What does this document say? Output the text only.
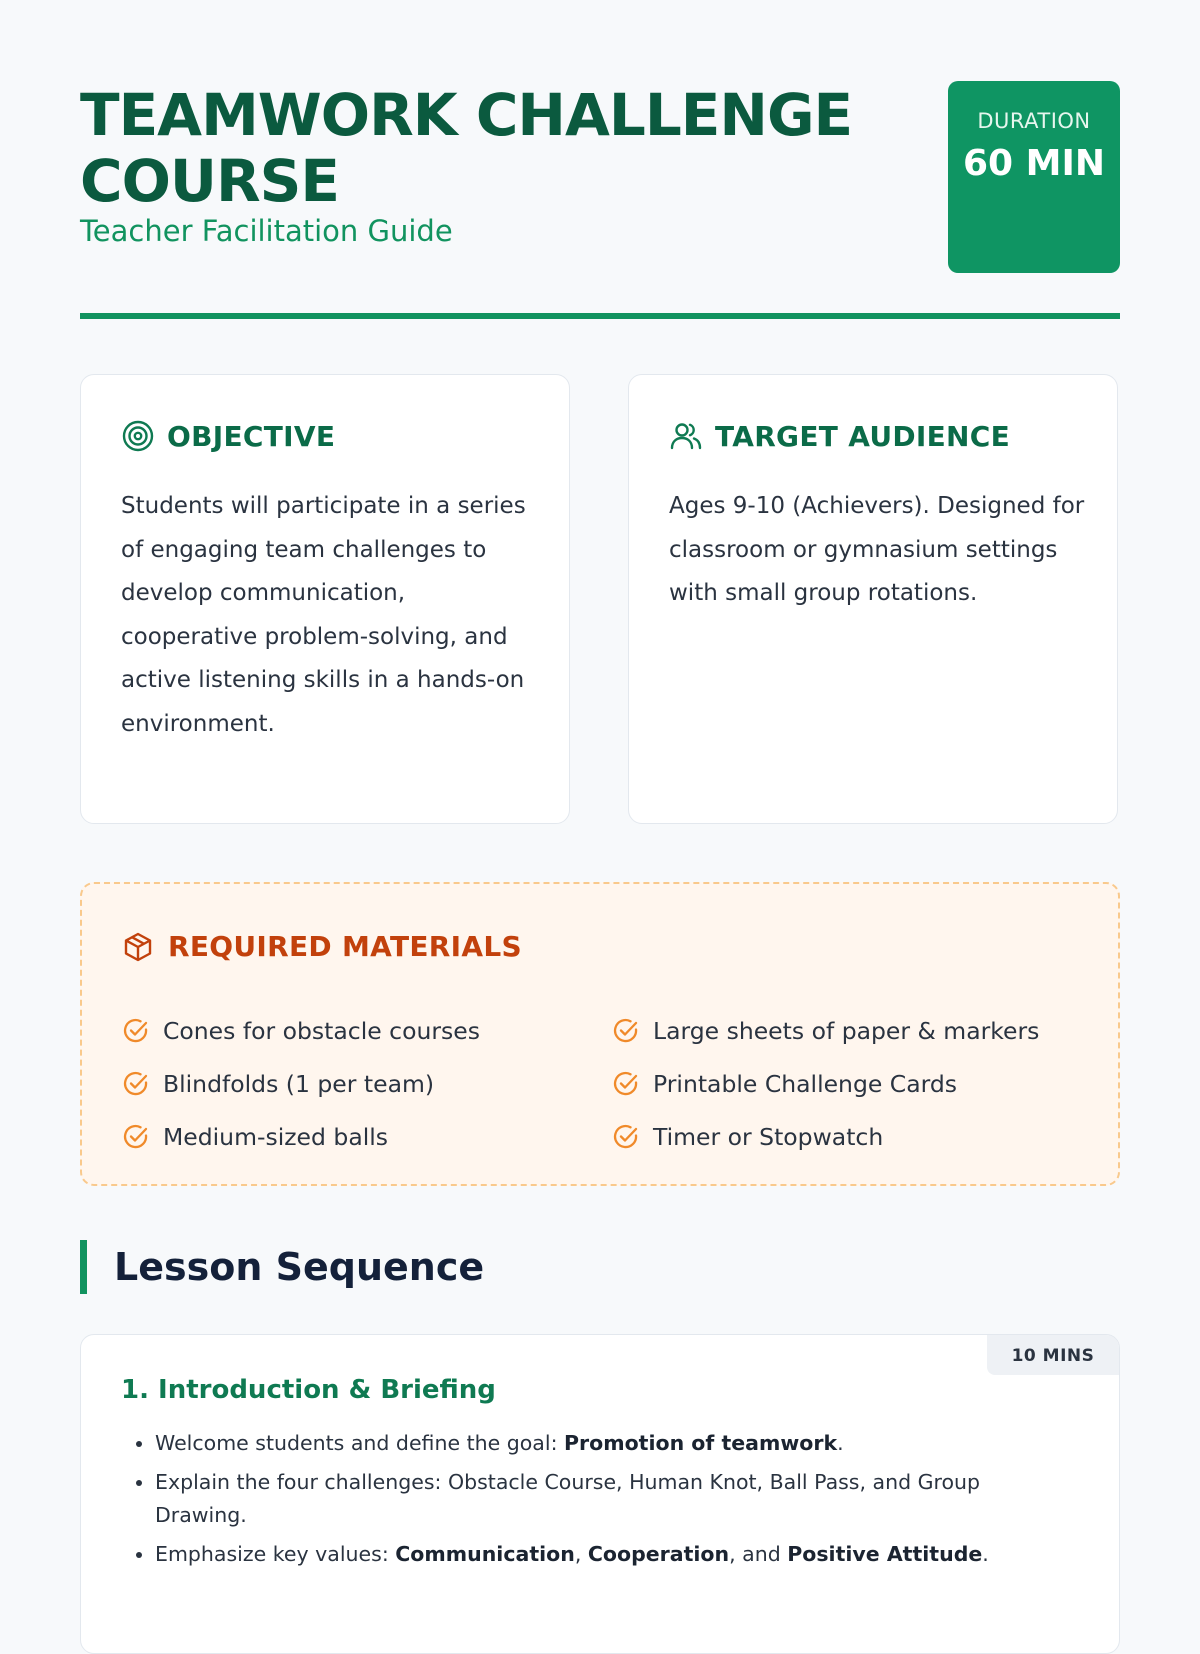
TEAMWORK CHALLENGE COURSE
Teacher Facilitation Guide
DURATION
60 MIN
OBJECTIVE
Students will participate in a series of engaging team challenges to develop communication, cooperative problem-solving, and active listening skills in a hands-on environment.
TARGET AUDIENCE
Ages 9-10 (Achievers). Designed for classroom or gymnasium settings with small group rotations.
REQUIRED MATERIALS
Cones for obstacle courses
Blindfolds (1 per team)
Medium-sized balls
Large sheets of paper & markers
Printable Challenge Cards
Timer or Stopwatch
Lesson Sequence
10 MINS
1. Introduction & Briefing
• Welcome students and define the goal: Promotion of teamwork.
• Explain the four challenges: Obstacle Course, Human Knot, Ball Pass, and Group Drawing.
• Emphasize key values: Communication, Cooperation, and Positive Attitude.
